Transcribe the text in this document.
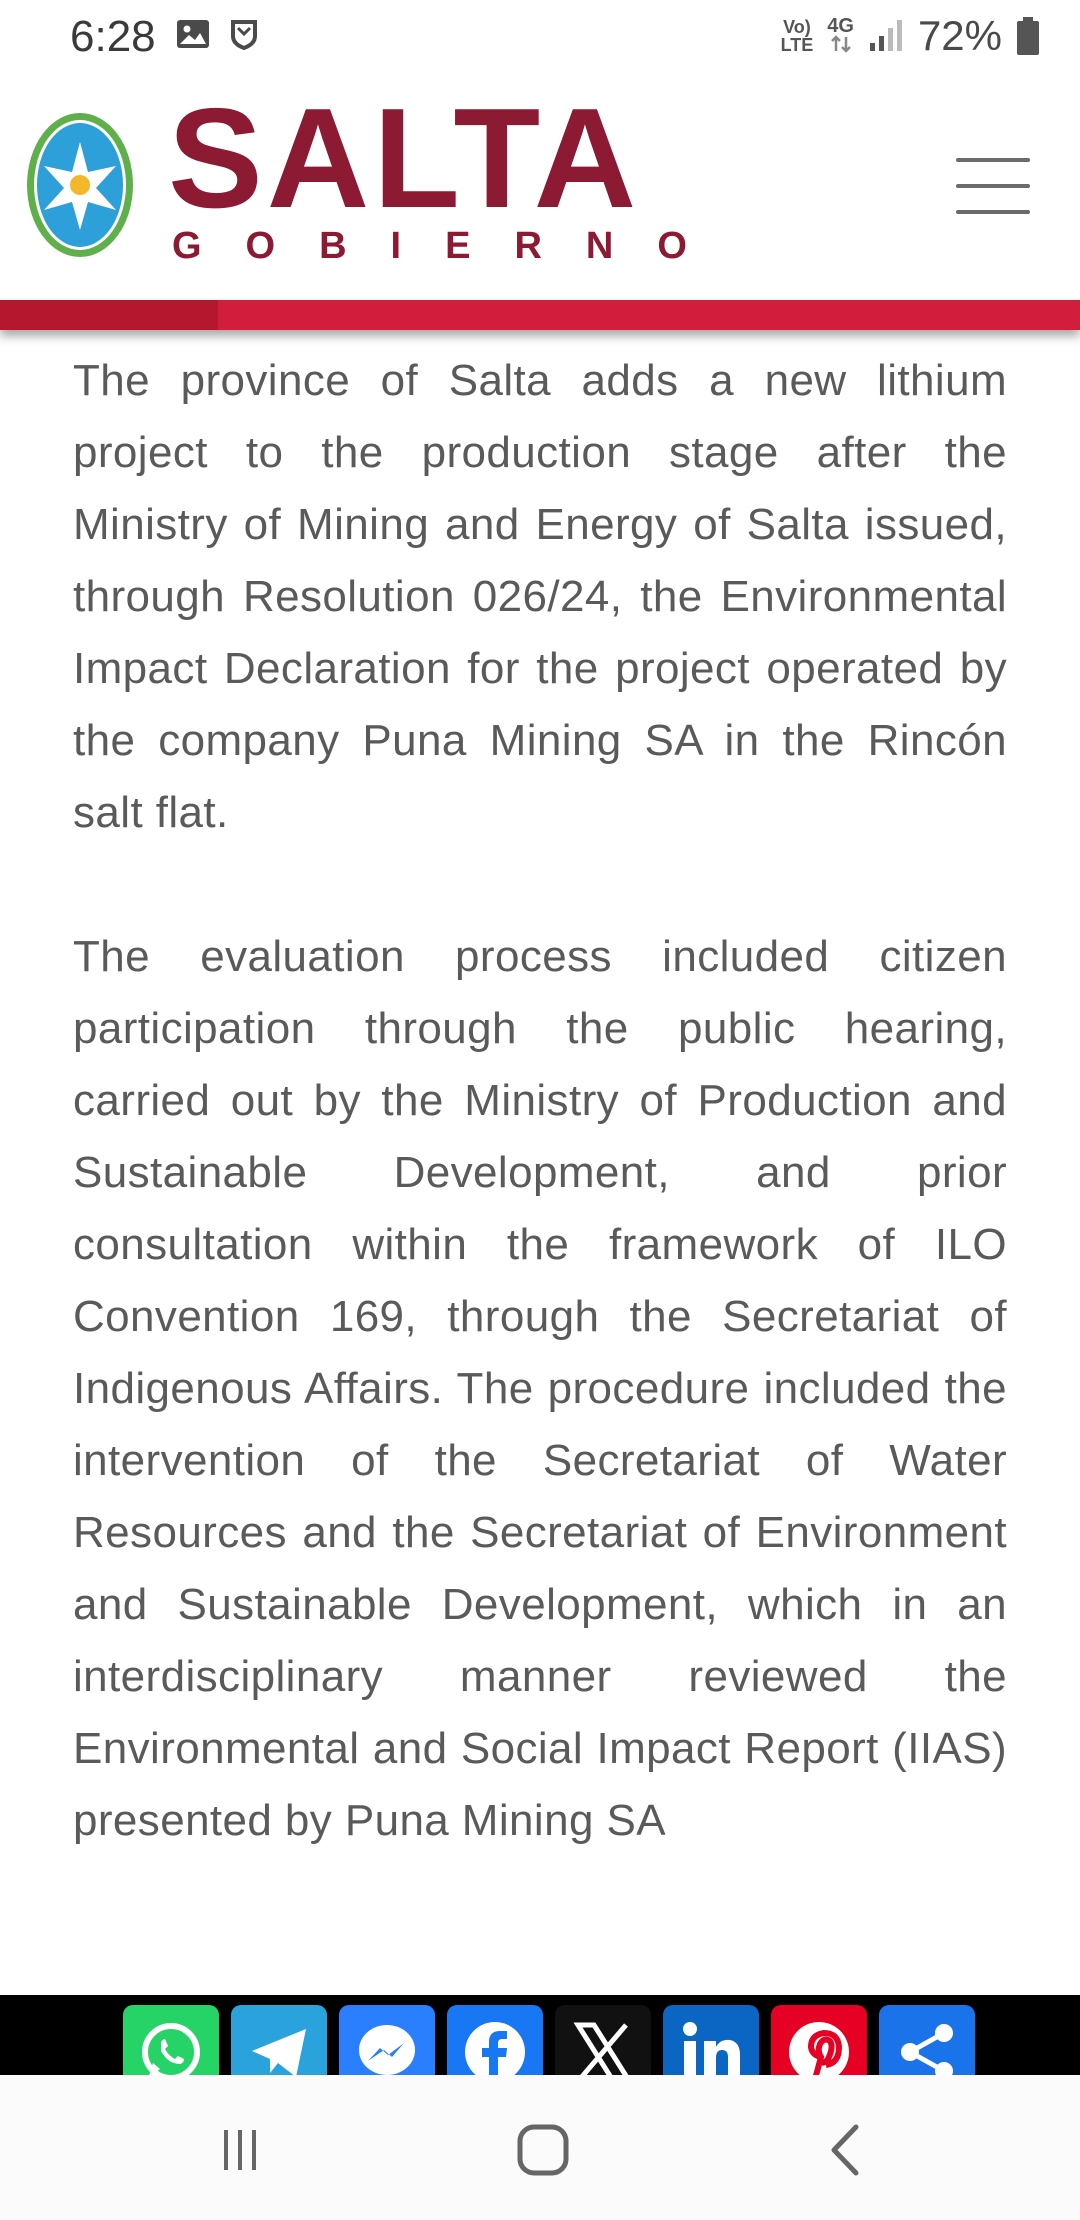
6:28	Vo)
LTE
4G 72%
SALTA
GOBIERNO

The province of Salta adds a new lithium project to the production stage after the Ministry of Mining and Energy of Salta issued, through Resolution 026/24, the Environmental Impact Declaration for the project operated by the company Puna Mining SA in the Rincón salt flat.

The evaluation process included citizen participation through the public hearing, carried out by the Ministry of Production and Sustainable Development, and prior consultation within the framework of ILO Convention 169, through the Secretariat of Indigenous Affairs. The procedure included the intervention of the Secretariat of Water Resources and the Secretariat of Environment and Sustainable Development, which in an interdisciplinary manner reviewed the Environmental and Social Impact Report (IIAS) presented by Puna Mining SA
